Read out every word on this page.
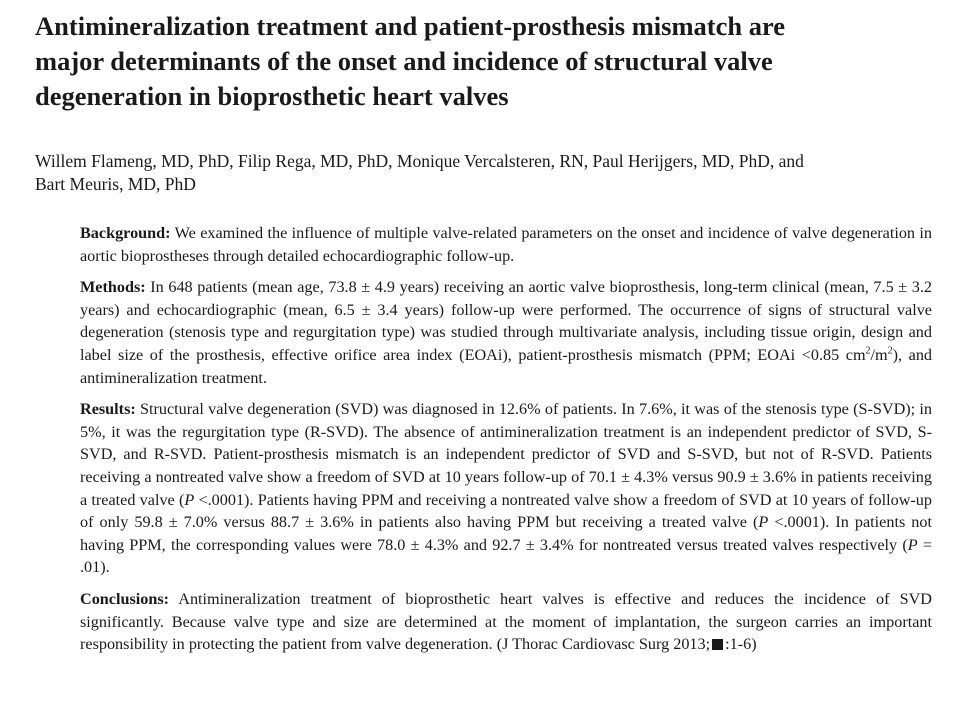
Antimineralization treatment and patient-prosthesis mismatch are
major determinants of the onset and incidence of structural valve
degeneration in bioprosthetic heart valves
Willem Flameng, MD, PhD, Filip Rega, MD, PhD, Monique Vercalsteren, RN, Paul Herijgers, MD, PhD, and
Bart Meuris, MD, PhD

Background: We examined the influence of multiple valve-related parameters on the onset and incidence of valve degeneration in aortic bioprostheses through detailed echocardiographic follow-up.

Methods: In 648 patients (mean age, 73.8 ± 4.9 years) receiving an aortic valve bioprosthesis, long-term clinical (mean, 7.5 ± 3.2 years) and echocardiographic (mean, 6.5 ± 3.4 years) follow-up were performed. The occurrence of signs of structural valve degeneration (stenosis type and regurgitation type) was studied through multivariate analysis, including tissue origin, design and label size of the prosthesis, effective orifice area index (EOAi), patient-prosthesis mismatch (PPM; EOAi <0.85 $cm^2/m^2$), and antimineralization treatment.

Results: Structural valve degeneration (SVD) was diagnosed in 12.6% of patients. In 7.6%, it was of the stenosis type (S-SVD); in 5%, it was the regurgitation type (R-SVD). The absence of antimineralization treatment is an independent predictor of SVD, S-SVD, and R-SVD. Patient-prosthesis mismatch is an independent predictor of SVD and S-SVD, but not of R-SVD. Patients receiving a nontreated valve show a freedom of SVD at 10 years follow-up of 70.1 ± 4.3% versus 90.9 ± 3.6% in patients receiving a treated valve (P <.0001). Patients having PPM and receiving a nontreated valve show a freedom of SVD at 10 years of follow-up of only 59.8 ± 7.0% versus 88.7 ± 3.6% in patients also having PPM but receiving a treated valve (P <.0001). In patients not having PPM, the corresponding values were 78.0 ± 4.3% and 92.7 ± 3.4% for nontreated versus treated valves respectively (P = .01).

Conclusions: Antimineralization treatment of bioprosthetic heart valves is effective and reduces the incidence of SVD significantly. Because valve type and size are determined at the moment of implantation, the surgeon carries an important responsibility in protecting the patient from valve degeneration. (J Thorac Cardiovasc Surg 2013; :1-6)
